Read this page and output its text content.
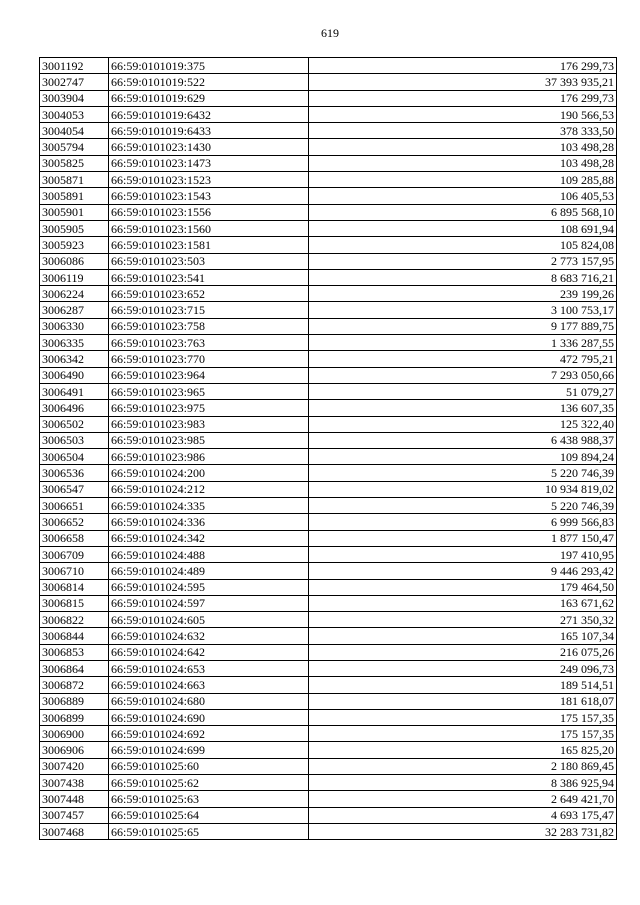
619
3001192	66:59:0101019:375	176 299,73
3002747	66:59:0101019:522	37 393 935,21
3003904	66:59:0101019:629	176 299,73
3004053	66:59:0101019:6432	190 566,53
3004054	66:59:0101019:6433	378 333,50
3005794	66:59:0101023:1430	103 498,28
3005825	66:59:0101023:1473	103 498,28
3005871	66:59:0101023:1523	109 285,88
3005891	66:59:0101023:1543	106 405,53
3005901	66:59:0101023:1556	6 895 568,10
3005905	66:59:0101023:1560	108 691,94
3005923	66:59:0101023:1581	105 824,08
3006086	66:59:0101023:503	2 773 157,95
3006119	66:59:0101023:541	8 683 716,21
3006224	66:59:0101023:652	239 199,26
3006287	66:59:0101023:715	3 100 753,17
3006330	66:59:0101023:758	9 177 889,75
3006335	66:59:0101023:763	1 336 287,55
3006342	66:59:0101023:770	472 795,21
3006490	66:59:0101023:964	7 293 050,66
3006491	66:59:0101023:965	51 079,27
3006496	66:59:0101023:975	136 607,35
3006502	66:59:0101023:983	125 322,40
3006503	66:59:0101023:985	6 438 988,37
3006504	66:59:0101023:986	109 894,24
3006536	66:59:0101024:200	5 220 746,39
3006547	66:59:0101024:212	10 934 819,02
3006651	66:59:0101024:335	5 220 746,39
3006652	66:59:0101024:336	6 999 566,83
3006658	66:59:0101024:342	1 877 150,47
3006709	66:59:0101024:488	197 410,95
3006710	66:59:0101024:489	9 446 293,42
3006814	66:59:0101024:595	179 464,50
3006815	66:59:0101024:597	163 671,62
3006822	66:59:0101024:605	271 350,32
3006844	66:59:0101024:632	165 107,34
3006853	66:59:0101024:642	216 075,26
3006864	66:59:0101024:653	249 096,73
3006872	66:59:0101024:663	189 514,51
3006889	66:59:0101024:680	181 618,07
3006899	66:59:0101024:690	175 157,35
3006900	66:59:0101024:692	175 157,35
3006906	66:59:0101024:699	165 825,20
3007420	66:59:0101025:60	2 180 869,45
3007438	66:59:0101025:62	8 386 925,94
3007448	66:59:0101025:63	2 649 421,70
3007457	66:59:0101025:64	4 693 175,47
3007468	66:59:0101025:65	32 283 731,82
